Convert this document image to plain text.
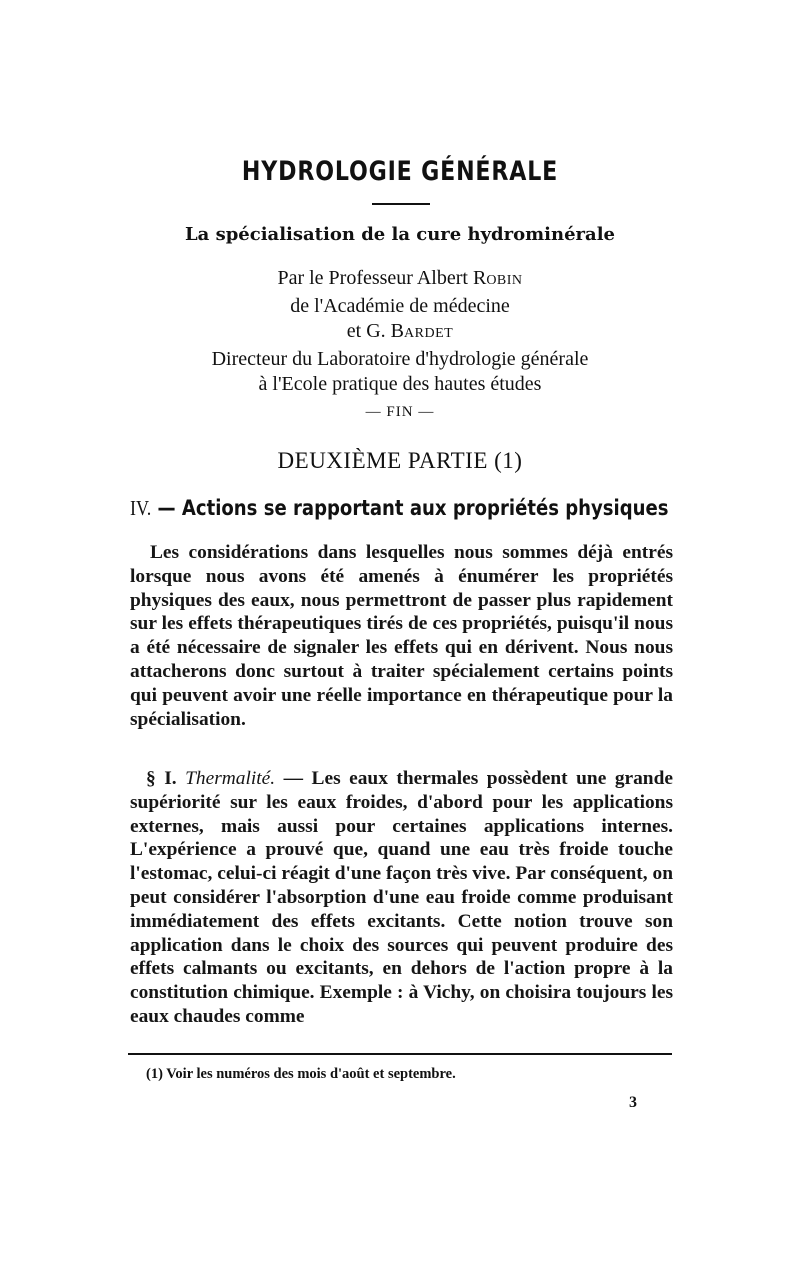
HYDROLOGIE GÉNÉRALE
La spécialisation de la cure hydrominérale
Par le Professeur Albert ROBIN
de l'Académie de médecine
et G. BARDET
Directeur du Laboratoire d'hydrologie générale
à l'Ecole pratique des hautes études
— FIN —
DEUXIÈME PARTIE (1)
IV. — Actions se rapportant aux propriétés physiques

Les considérations dans lesquelles nous sommes déjà entrés lorsque nous avons été amenés à énumérer les propriétés physiques des eaux, nous permettront de passer plus rapidement sur les effets thérapeutiques tirés de ces propriétés, puisqu'il nous a été nécessaire de signaler les effets qui en dérivent. Nous nous attacherons donc surtout à traiter spécialement certains points qui peuvent avoir une réelle importance en thérapeutique pour la spécialisation.

§ I. Thermalité. — Les eaux thermales possèdent une grande supériorité sur les eaux froides, d'abord pour les applications externes, mais aussi pour certaines applications internes. L'expérience a prouvé que, quand une eau très froide touche l'estomac, celui-ci réagit d'une façon très vive. Par conséquent, on peut considérer l'absorption d'une eau froide comme produisant immédiatement des effets excitants. Cette notion trouve son application dans le choix des sources qui peuvent produire des effets calmants ou excitants, en dehors de l'action propre à la constitution chimique. Exemple : à Vichy, on choisira toujours les eaux chaudes comme

(1) Voir les numéros des mois d'août et septembre.
3
